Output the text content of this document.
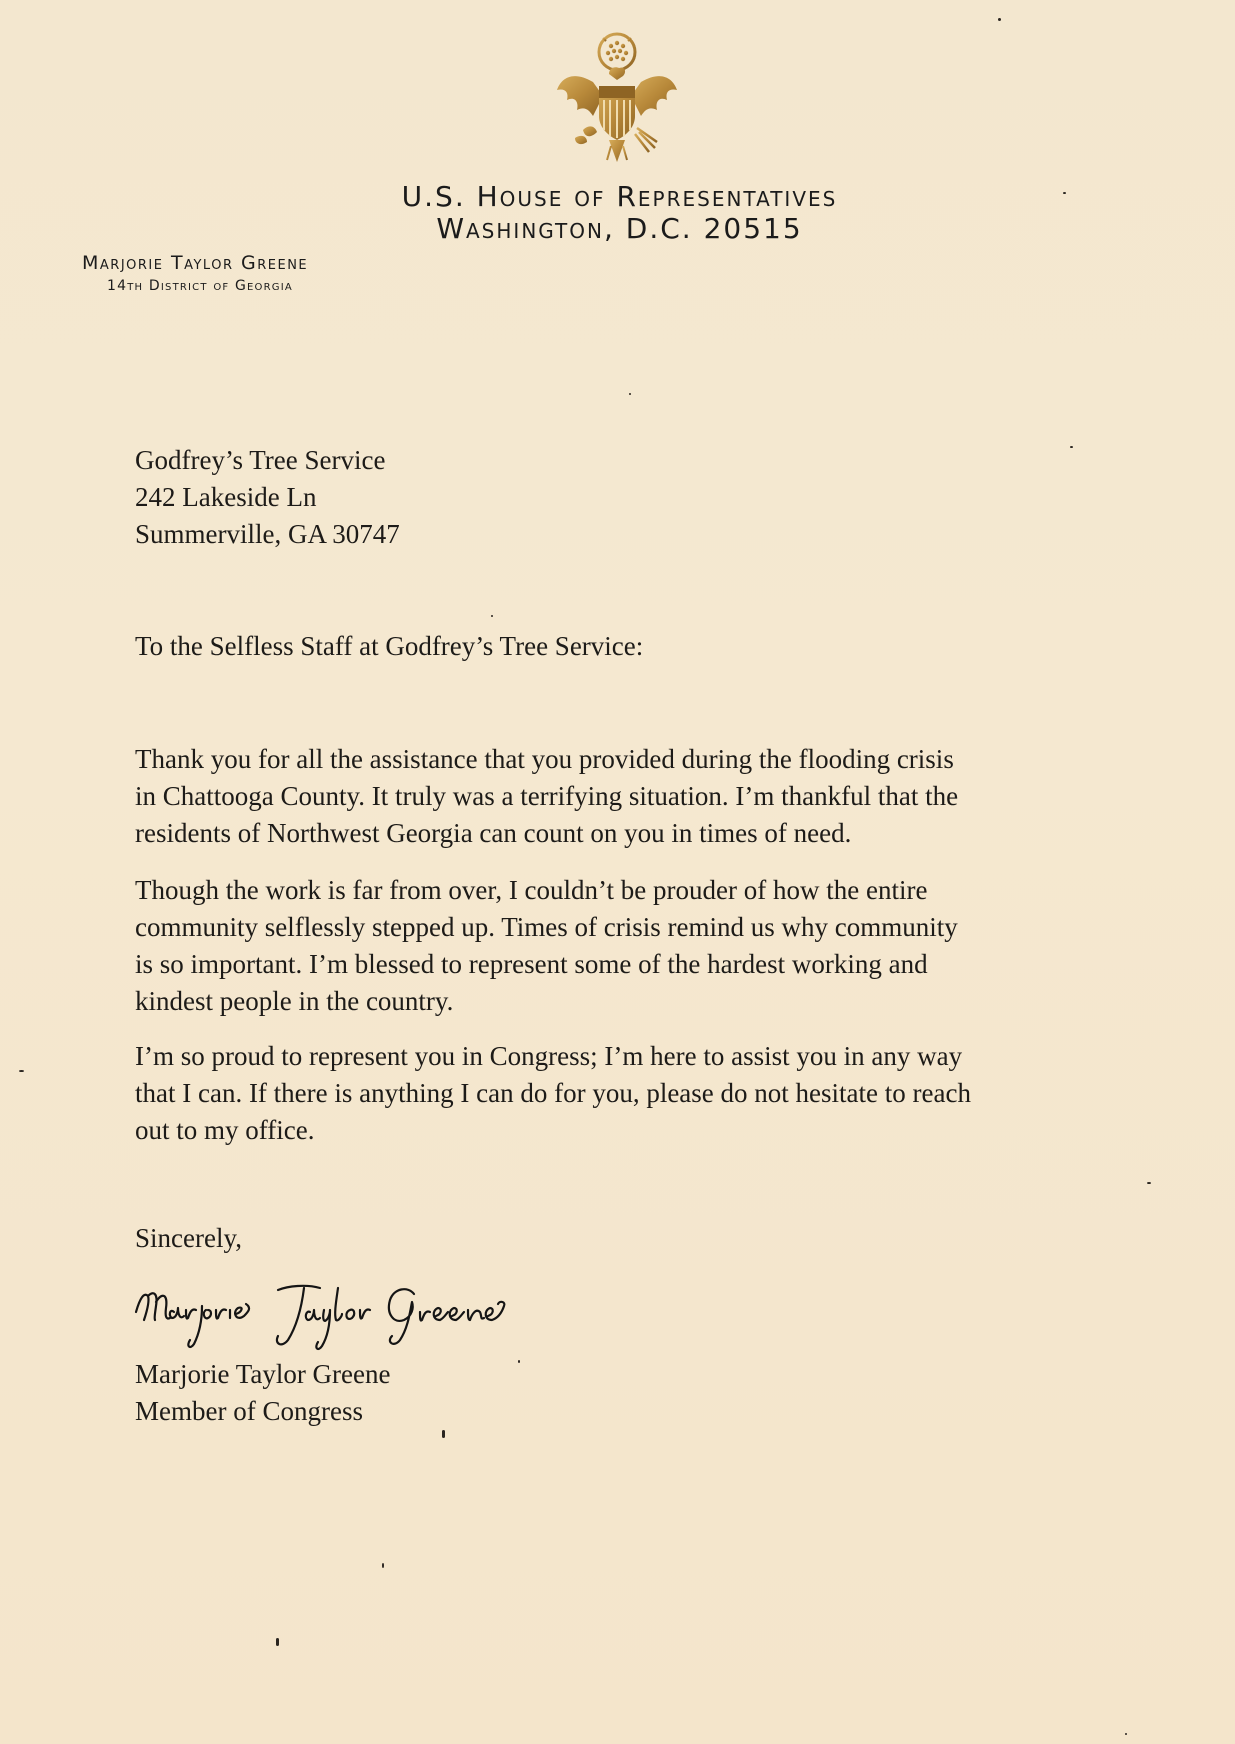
U.S. House of Representatives
Washington, D.C. 20515
Marjorie Taylor Greene
14th District of Georgia
Godfrey’s Tree Service
242 Lakeside Ln
Summerville, GA 30747
To the Selfless Staff at Godfrey’s Tree Service:
Thank you for all the assistance that you provided during the flooding crisis
in Chattooga County. It truly was a terrifying situation. I’m thankful that the
residents of Northwest Georgia can count on you in times of need.
Though the work is far from over, I couldn’t be prouder of how the entire
community selflessly stepped up. Times of crisis remind us why community
is so important. I’m blessed to represent some of the hardest working and
kindest people in the country.
I’m so proud to represent you in Congress; I’m here to assist you in any way
that I can. If there is anything I can do for you, please do not hesitate to reach
out to my office.
Sincerely,
Marjorie Taylor Greene
Member of Congress
